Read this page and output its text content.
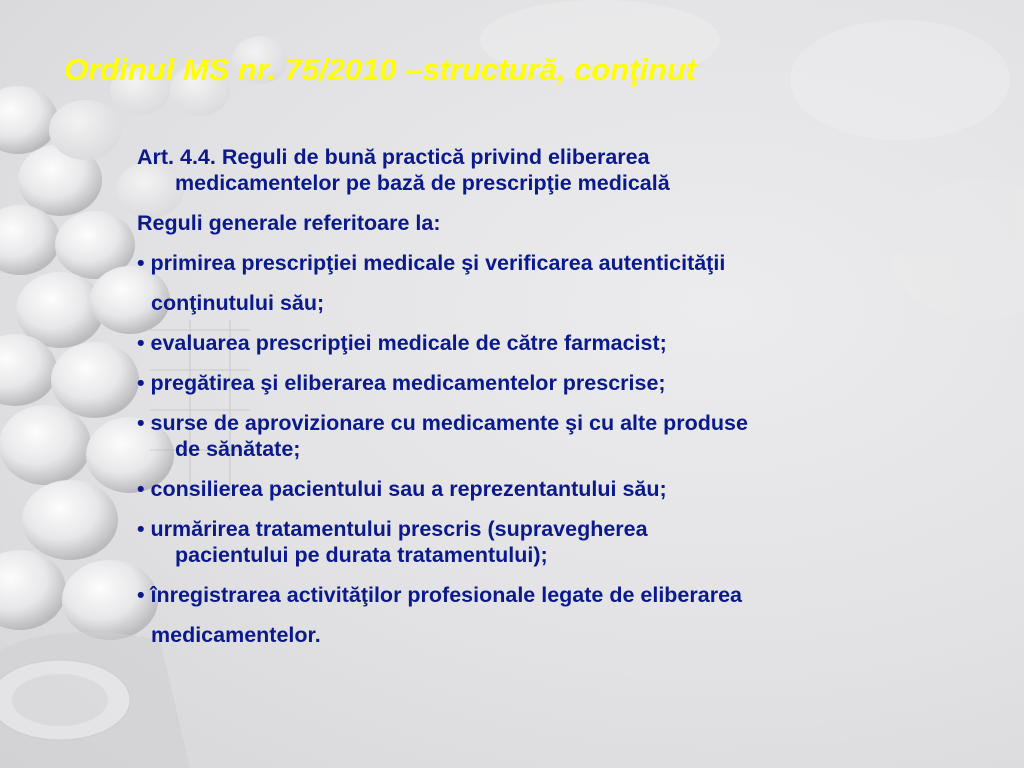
Ordinul MS nr. 75/2010 –structură, conţinut

Art. 4.4. Reguli de bună practică privind eliberarea
medicamentelor pe bază de prescripţie medicală

Reguli generale referitoare la:

• primirea prescripţiei medicale şi verificarea autenticităţii

conţinutului său;

• evaluarea prescripţiei medicale de către farmacist;

• pregătirea şi eliberarea medicamentelor prescrise;

• surse de aprovizionare cu medicamente şi cu alte produse
de sănătate;

• consilierea pacientului sau a reprezentantului său;

• urmărirea tratamentului prescris (supravegherea
pacientului pe durata tratamentului);

• înregistrarea activităţilor profesionale legate de eliberarea

medicamentelor.
